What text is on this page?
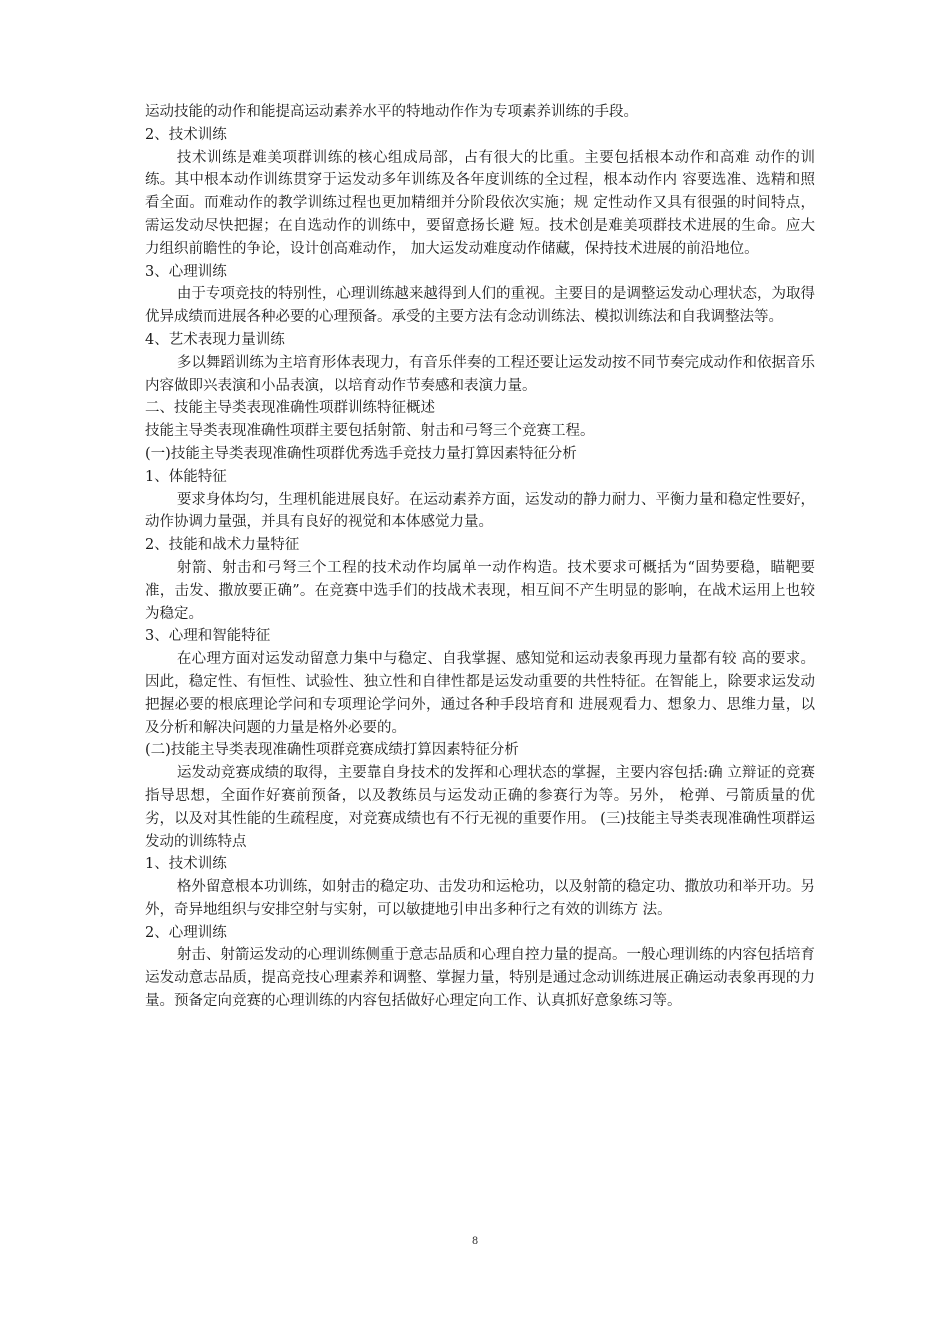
运动技能的动作和能提高运动素养水平的特地动作作为专项素养训练的手段。

2、技术训练

技术训练是难美项群训练的核心组成局部，占有很大的比重。主要包括根本动作和高难 动作的训练。其中根本动作训练贯穿于运发动多年训练及各年度训练的全过程，根本动作内 容要选准、选精和照看全面。而难动作的教学训练过程也更加精细并分阶段依次实施；规 定性动作又具有很强的时间特点，需运发动尽快把握；在自选动作的训练中，要留意扬长避 短。技术创是难美项群技术进展的生命。应大力组织前瞻性的争论，设计创高难动作， 加大运发动难度动作储藏，保持技术进展的前沿地位。

3、心理训练

由于专项竞技的特别性，心理训练越来越得到人们的重视。主要目的是调整运发动心理状态，为取得优异成绩而进展各种必要的心理预备。承受的主要方法有念动训练法、模拟训练法和自我调整法等。

4、艺术表现力量训练

多以舞蹈训练为主培育形体表现力，有音乐伴奏的工程还要让运发动按不同节奏完成动作和依据音乐内容做即兴表演和小品表演，以培育动作节奏感和表演力量。

二、技能主导类表现准确性项群训练特征概述

技能主导类表现准确性项群主要包括射箭、射击和弓弩三个竞赛工程。

(一)技能主导类表现准确性项群优秀选手竞技力量打算因素特征分析

1、体能特征

要求身体均匀，生理机能进展良好。在运动素养方面，运发动的静力耐力、平衡力量和稳定性要好，动作协调力量强，并具有良好的视觉和本体感觉力量。

2、技能和战术力量特征

射箭、射击和弓弩三个工程的技术动作均属单一动作构造。技术要求可概括为“固势要稳，瞄靶要准，击发、撒放要正确”。在竞赛中选手们的技战术表现，相互间不产生明显的影响，在战术运用上也较为稳定。

3、心理和智能特征

在心理方面对运发动留意力集中与稳定、自我掌握、感知觉和运动表象再现力量都有较 高的要求。因此，稳定性、有恒性、试验性、独立性和自律性都是运发动重要的共性特征。在智能上，除要求运发动把握必要的根底理论学问和专项理论学问外，通过各种手段培育和 进展观看力、想象力、思维力量，以及分析和解决问题的力量是格外必要的。

(二)技能主导类表现准确性项群竞赛成绩打算因素特征分析

运发动竞赛成绩的取得，主要靠自身技术的发挥和心理状态的掌握，主要内容包括:确 立辩证的竞赛指导思想，全面作好赛前预备，以及教练员与运发动正确的参赛行为等。另外， 枪弹、弓箭质量的优劣，以及对其性能的生疏程度，对竞赛成绩也有不行无视的重要作用。 (三)技能主导类表现准确性项群运发动的训练特点

1、技术训练

格外留意根本功训练，如射击的稳定功、击发功和运枪功，以及射箭的稳定功、撒放功和举开功。另外，奇异地组织与安排空射与实射，可以敏捷地引申出多种行之有效的训练方 法。

2、心理训练

射击、射箭运发动的心理训练侧重于意志品质和心理自控力量的提高。一般心理训练的内容包括培育运发动意志品质，提高竞技心理素养和调整、掌握力量，特别是通过念动训练进展正确运动表象再现的力量。预备定向竞赛的心理训练的内容包括做好心理定向工作、认真抓好意象练习等。

8
